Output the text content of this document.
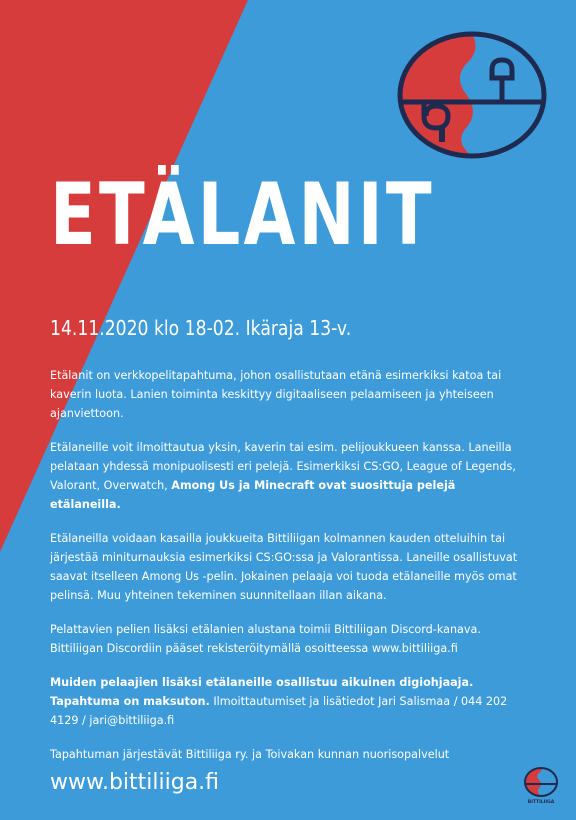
ETÄLANIT
14.11.2020 klo 18-02. Ikäraja 13-v.

Etälanit on verkkopelitapahtuma, johon osallistutaan etänä esimerkiksi katoa tai kaverin luota. Lanien toiminta keskittyy digitaaliseen pelaamiseen ja yhteiseen ajanviettoon.

Etälaneille voit ilmoittautua yksin, kaverin tai esim. pelijoukkueen kanssa. Laneilla pelataan yhdessä monipuolisesti eri pelejä. Esimerkiksi CS:GO, League of Legends, Valorant, Overwatch, Among Us ja Minecraft ovat suosittuja pelejä etälaneilla.

Etälaneilla voidaan kasailla joukkueita Bittiliigan kolmannen kauden otteluihin tai järjestää miniturnauksia esimerkiksi CS:GO:ssa ja Valorantissa. Laneille osallistuvat saavat itselleen Among Us -pelin. Jokainen pelaaja voi tuoda etälaneille myös omat pelinsä. Muu yhteinen tekeminen suunnitellaan illan aikana.

Pelattavien pelien lisäksi etälanien alustana toimii Bittiliigan Discord-kanava. Bittiliigan Discordiin pääset rekisteröitymällä osoitteessa www.bittiliiga.fi

Muiden pelaajien lisäksi etälaneille osallistuu aikuinen digiohjaaja. Tapahtuma on maksuton. Ilmoittautumiset ja lisätiedot Jari Salismaa / 044 202 4129 / jari@bittiliiga.fi

Tapahtuman järjestävät Bittiliiga ry. ja Toivakan kunnan nuorisopalvelut

www.bittiliiga.fi
BITTILIIGA
